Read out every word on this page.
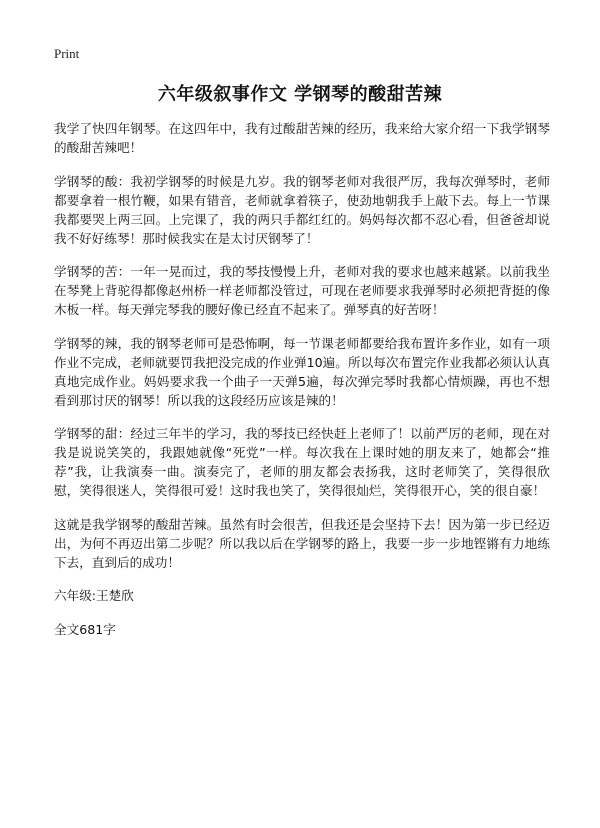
Print
六年级叙事作文 学钢琴的酸甜苦辣

我学了快四年钢琴。在这四年中，我有过酸甜苦辣的经历，我来给大家介绍一下我学钢琴的酸甜苦辣吧！

学钢琴的酸：我初学钢琴的时候是九岁。我的钢琴老师对我很严厉，我每次弹琴时，老师都要拿着一根竹鞭，如果有错音，老师就拿着筷子，使劲地朝我手上敲下去。每上一节课我都要哭上两三回。上完课了，我的两只手都红红的。妈妈每次都不忍心看，但爸爸却说我不好好练琴！那时候我实在是太讨厌钢琴了！

学钢琴的苦：一年一晃而过，我的琴技慢慢上升，老师对我的要求也越来越紧。以前我坐在琴凳上背驼得都像赵州桥一样老师都没管过，可现在老师要求我弹琴时必须把背挺的像木板一样。每天弹完琴我的腰好像已经直不起来了。弹琴真的好苦呀！

学钢琴的辣，我的钢琴老师可是恐怖啊，每一节课老师都要给我布置许多作业，如有一项作业不完成，老师就要罚我把没完成的作业弹10遍。所以每次布置完作业我都必须认认真真地完成作业。妈妈要求我一个曲子一天弹5遍，每次弹完琴时我都心情烦躁，再也不想看到那讨厌的钢琴！所以我的这段经历应该是辣的！

学钢琴的甜：经过三年半的学习，我的琴技已经快赶上老师了！以前严厉的老师，现在对我是说说笑笑的，我跟她就像“死党”一样。每次我在上课时她的朋友来了，她都会“推荐”我，让我演奏一曲。演奏完了，老师的朋友都会表扬我，这时老师笑了，笑得很欣慰，笑得很迷人，笑得很可爱！这时我也笑了，笑得很灿烂，笑得很开心，笑的很自豪！

这就是我学钢琴的酸甜苦辣。虽然有时会很苦，但我还是会坚持下去！因为第一步已经迈出，为何不再迈出第二步呢？所以我以后在学钢琴的路上，我要一步一步地铿锵有力地练下去，直到后的成功！

六年级:王楚欣

全文681字
